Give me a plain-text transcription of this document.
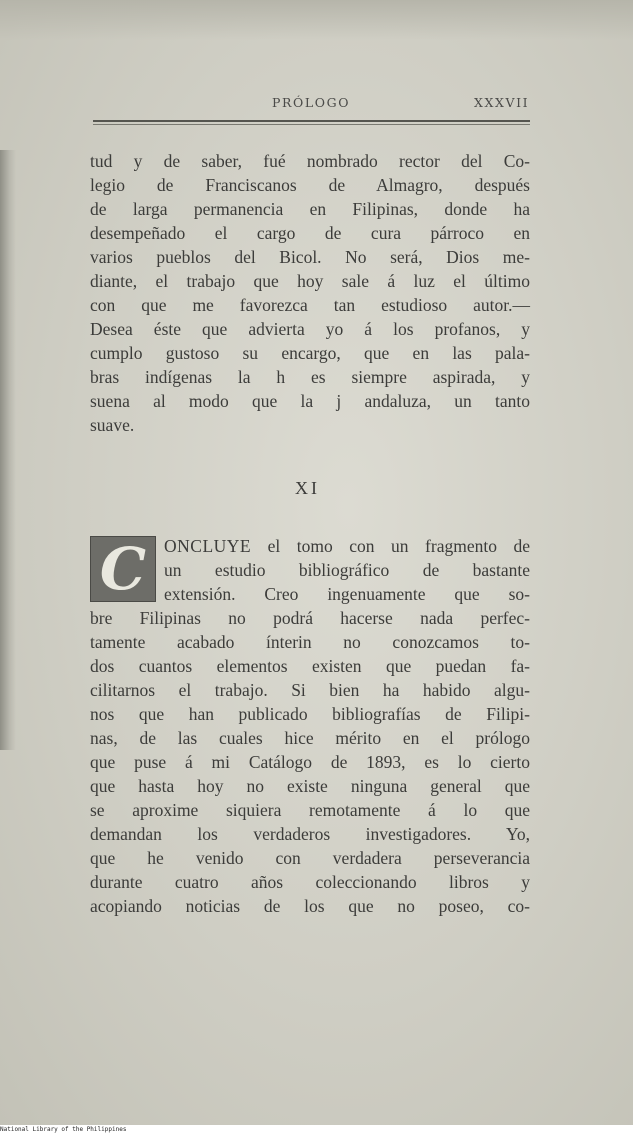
PRÓLOGO	XXXVII
tud y de saber, fué nombrado rector del Co-
legio de Franciscanos de Almagro, después
de larga permanencia en Filipinas, donde ha
desempeñado el cargo de cura párroco en
varios pueblos del Bicol. No será, Dios me-
diante, el trabajo que hoy sale á luz el último
con que me favorezca tan estudioso autor.—
Desea éste que advierta yo á los profanos, y
cumplo gustoso su encargo, que en las pala-
bras indígenas la h es siempre aspirada, y
suena al modo que la j andaluza, un tanto
suave.
XI
C	ONCLUYE el tomo con un fragmento de
un estudio bibliográfico de bastante
extensión. Creo ingenuamente que so-
bre Filipinas no podrá hacerse nada perfec-
tamente acabado ínterin no conozcamos to-
dos cuantos elementos existen que puedan fa-
cilitarnos el trabajo. Si bien ha habido algu-
nos que han publicado bibliografías de Filipi-
nas, de las cuales hice mérito en el prólogo
que puse á mi Catálogo de 1893, es lo cierto
que hasta hoy no existe ninguna general que
se aproxime siquiera remotamente á lo que
demandan los verdaderos investigadores. Yo,
que he venido con verdadera perseverancia
durante cuatro años coleccionando libros y
acopiando noticias de los que no poseo, co-
National Library of the Philippines
